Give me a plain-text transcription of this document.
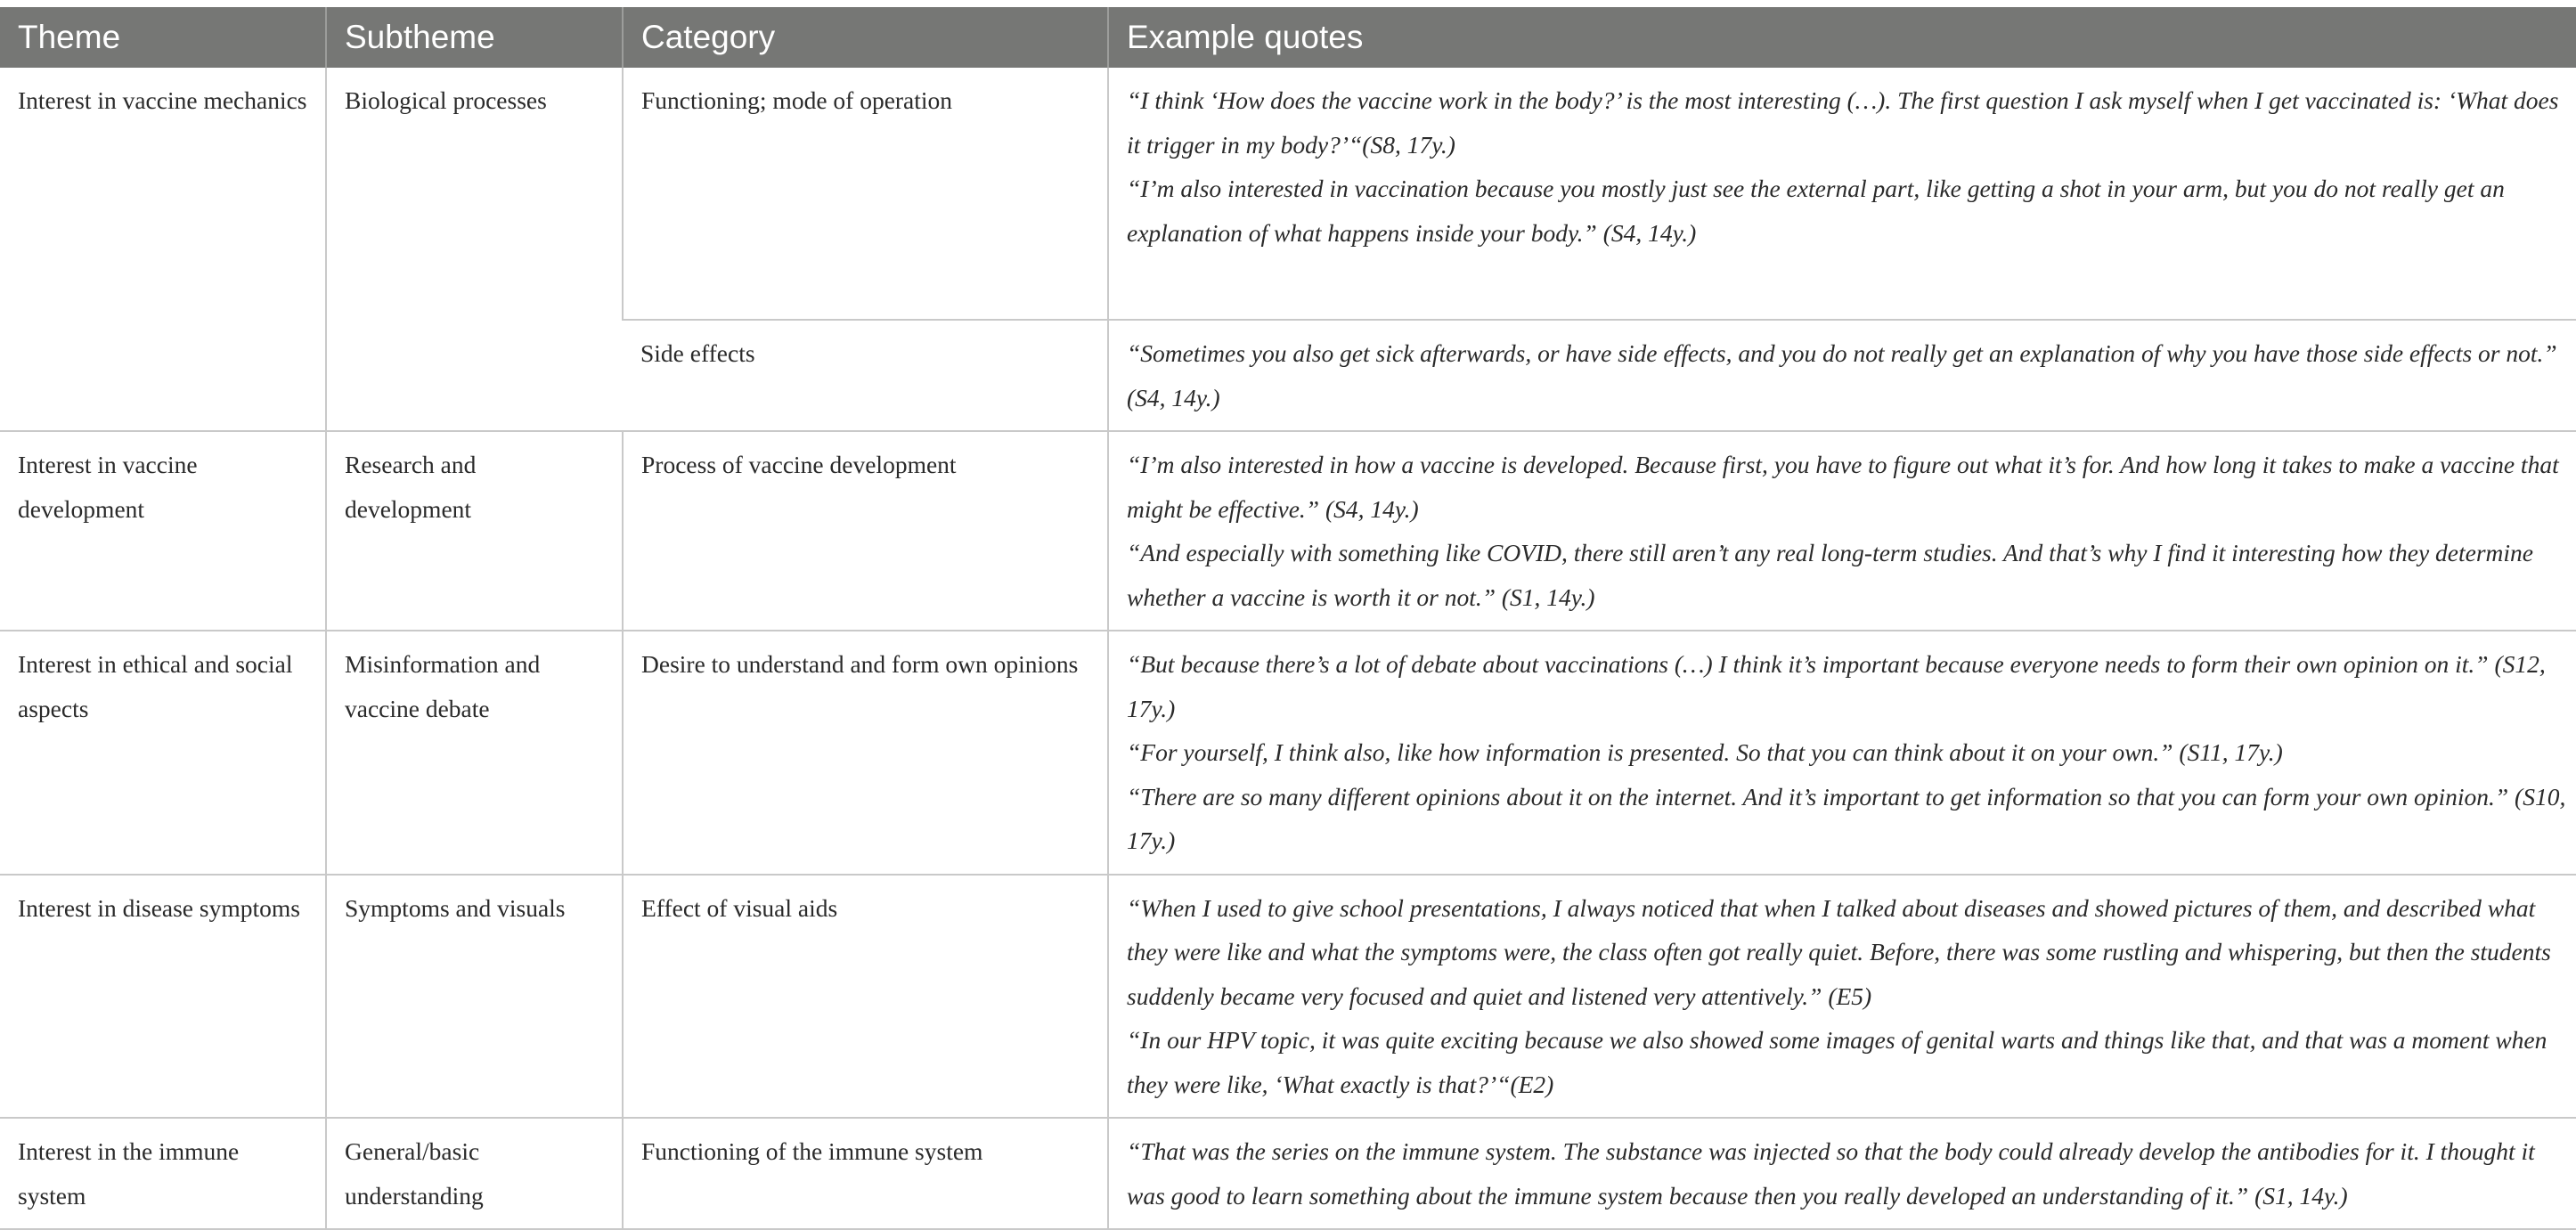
Theme	Subtheme	Category	Example quotes
Interest in vaccine mechanics	Biological processes	Functioning; mode of operation	“I think ‘How does the vaccine work in the body?’ is the most interesting (…). The first question I ask myself when I get vaccinated is: ‘What does it trigger in my body?’“(S8, 17y.)
“I’m also interested in vaccination because you mostly just see the external part, like getting a shot in your arm, but you do not really get an explanation of what happens inside your body.” (S4, 14y.)

		Side effects	“Sometimes you also get sick afterwards, or have side effects, and you do not really get an explanation of why you have those side effects or not.” (S4, 14y.)

Interest in vaccine development	Research and development	Process of vaccine development	“I’m also interested in how a vaccine is developed. Because first, you have to figure out what it’s for. And how long it takes to make a vaccine that might be effective.” (S4, 14y.)
“And especially with something like COVID, there still aren’t any real long-term studies. And that’s why I find it interesting how they determine whether a vaccine is worth it or not.” (S1, 14y.)

Interest in ethical and social aspects	Misinformation and vaccine debate	Desire to understand and form own opinions	“But because there’s a lot of debate about vaccinations (…) I think it’s important because everyone needs to form their own opinion on it.” (S12, 17y.)
“For yourself, I think also, like how information is presented. So that you can think about it on your own.” (S11, 17y.)
“There are so many different opinions about it on the internet. And it’s important to get information so that you can form your own opinion.” (S10, 17y.)

Interest in disease symptoms	Symptoms and visuals	Effect of visual aids	“When I used to give school presentations, I always noticed that when I talked about diseases and showed pictures of them, and described what they were like and what the symptoms were, the class often got really quiet. Before, there was some rustling and whispering, but then the students suddenly became very focused and quiet and listened very attentively.” (E5)
“In our HPV topic, it was quite exciting because we also showed some images of genital warts and things like that, and that was a moment when they were like, ‘What exactly is that?’“(E2)

Interest in the immune system	General/basic understanding	Functioning of the immune system	“That was the series on the immune system. The substance was injected so that the body could already develop the antibodies for it. I thought it was good to learn something about the immune system because then you really developed an understanding of it.” (S1, 14y.)
